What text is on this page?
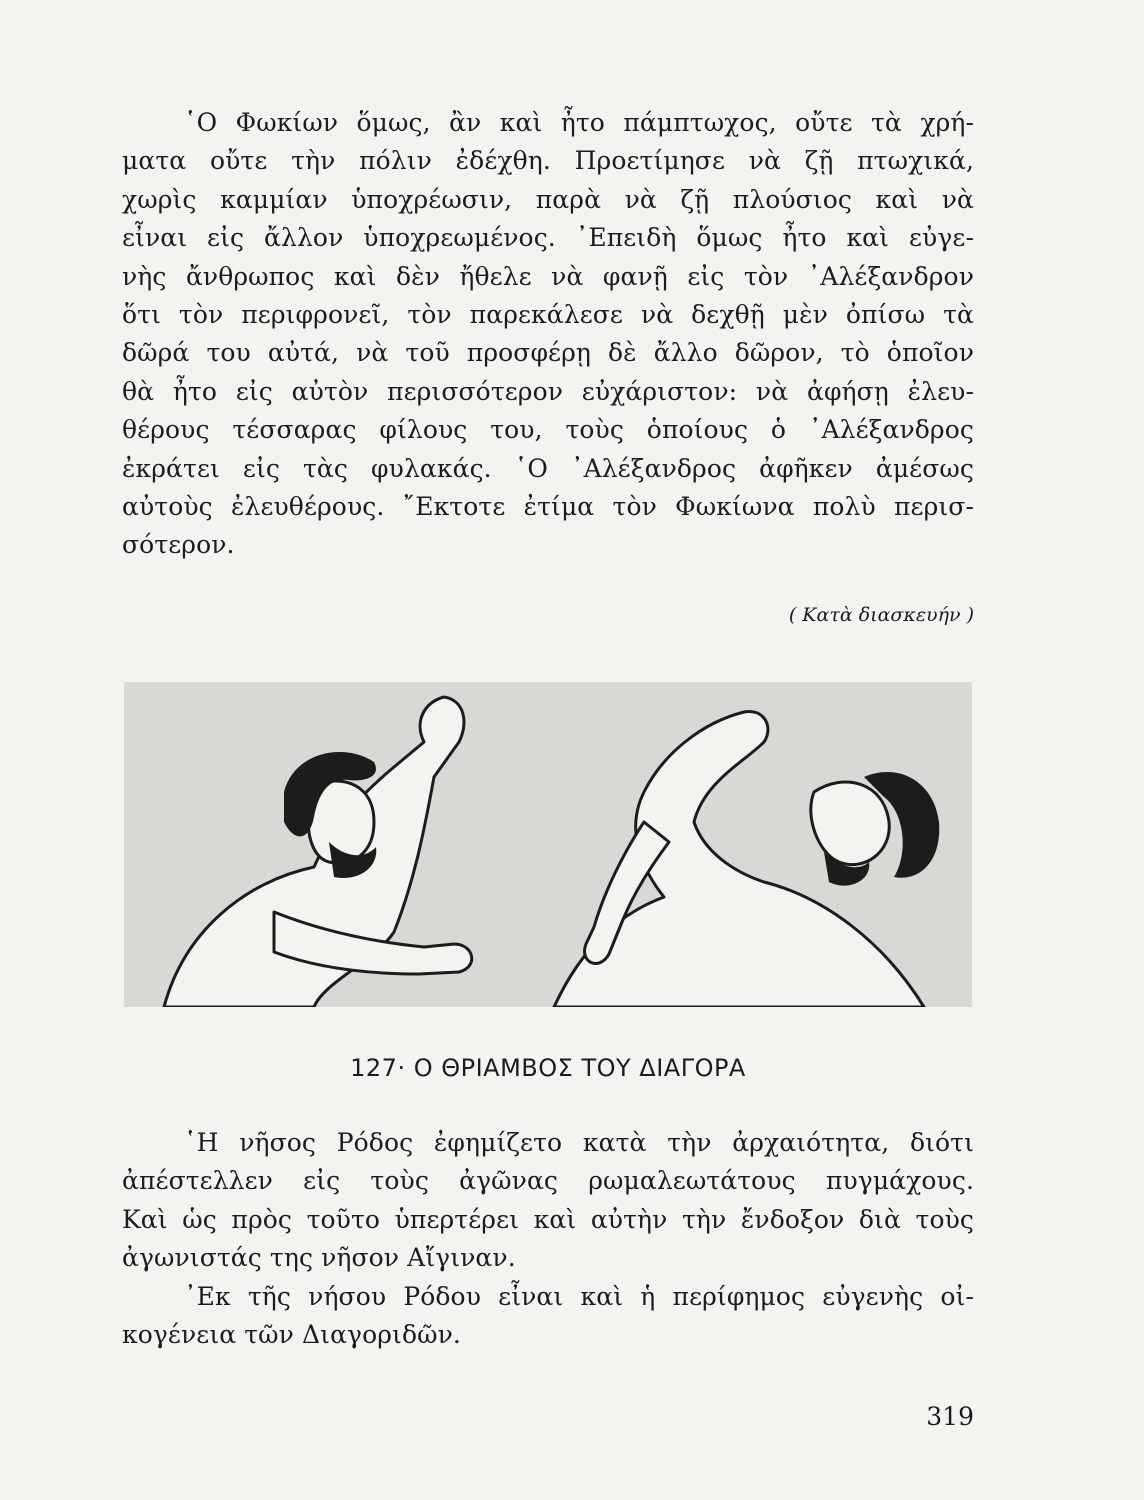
῾Ο Φωκίων ὅμως, ἂν καὶ ἦτο πάμπτωχος, οὔτε τὰ χρή-
ματα οὔτε τὴν πόλιν ἐδέχθη. Προετίμησε νὰ ζῇ πτωχικά,
χωρὶς καμμίαν ὑποχρέωσιν, παρὰ νὰ ζῇ πλούσιος καὶ νὰ
εἶναι εἰς ἄλλον ὑποχρεωμένος. ᾿Επειδὴ ὅμως ἦτο καὶ εὐγε-
νὴς ἄνθρωπος καὶ δὲν ἤθελε νὰ φανῇ εἰς τὸν ᾿Αλέξανδρον
ὅτι τὸν περιφρονεῖ, τὸν παρεκάλεσε νὰ δεχθῇ μὲν ὀπίσω τὰ
δῶρά του αὐτά, νὰ τοῦ προσφέρῃ δὲ ἄλλο δῶρον, τὸ ὁποῖον
θὰ ἦτο εἰς αὐτὸν περισσότερον εὐχάριστον: νὰ ἀφήσῃ ἐλευ-
θέρους τέσσαρας φίλους του, τοὺς ὁποίους ὁ ᾿Αλέξανδρος
ἐκράτει εἰς τὰς φυλακάς. ῾Ο ᾿Αλέξανδρος ἀφῆκεν ἀμέσως
αὐτοὺς ἐλευθέρους. ῎Εκτοτε ἐτίμα τὸν Φωκίωνα πολὺ περισ-
σότερον.
( Κατὰ διασκευήν )
127· Ο ΘΡΙΑΜΒΟΣ ΤΟΥ ΔΙΑΓΟΡΑ
῾Η νῆσος Ρόδος ἐφημίζετο κατὰ τὴν ἀρχαιότητα, διότι
ἀπέστελλεν εἰς τοὺς ἀγῶνας ρωμαλεωτάτους πυγμάχους.
Καὶ ὡς πρὸς τοῦτο ὑπερτέρει καὶ αὐτὴν τὴν ἔνδοξον διὰ τοὺς
ἀγωνιστάς της νῆσον Αἴγιναν.
᾿Εκ τῆς νήσου Ρόδου εἶναι καὶ ἡ περίφημος εὐγενὴς οἰ-
κογένεια τῶν Διαγοριδῶν.
319
